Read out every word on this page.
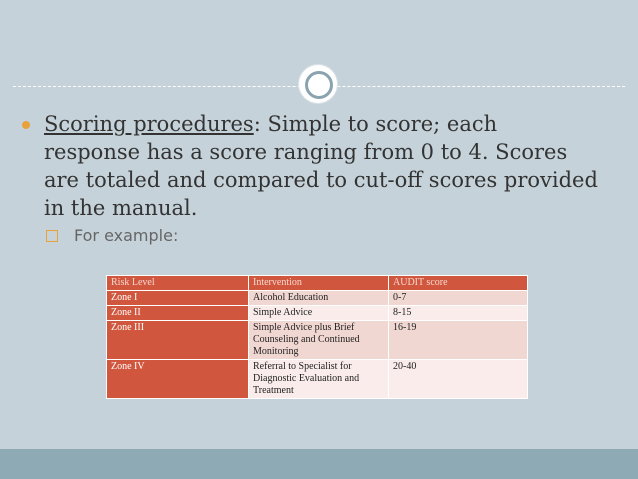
Scoring procedures: Simple to score; each response has a score ranging from 0 to 4. Scores are totaled and compared to cut-off scores provided in the manual.
For example:
Risk Level	Intervention	AUDIT score
Zone I	Alcohol Education	0-7
Zone II	Simple Advice	8-15
Zone III	Simple Advice plus Brief Counseling and Continued Monitoring	16-19
Zone IV	Referral to Specialist for Diagnostic Evaluation and Treatment	20-40
